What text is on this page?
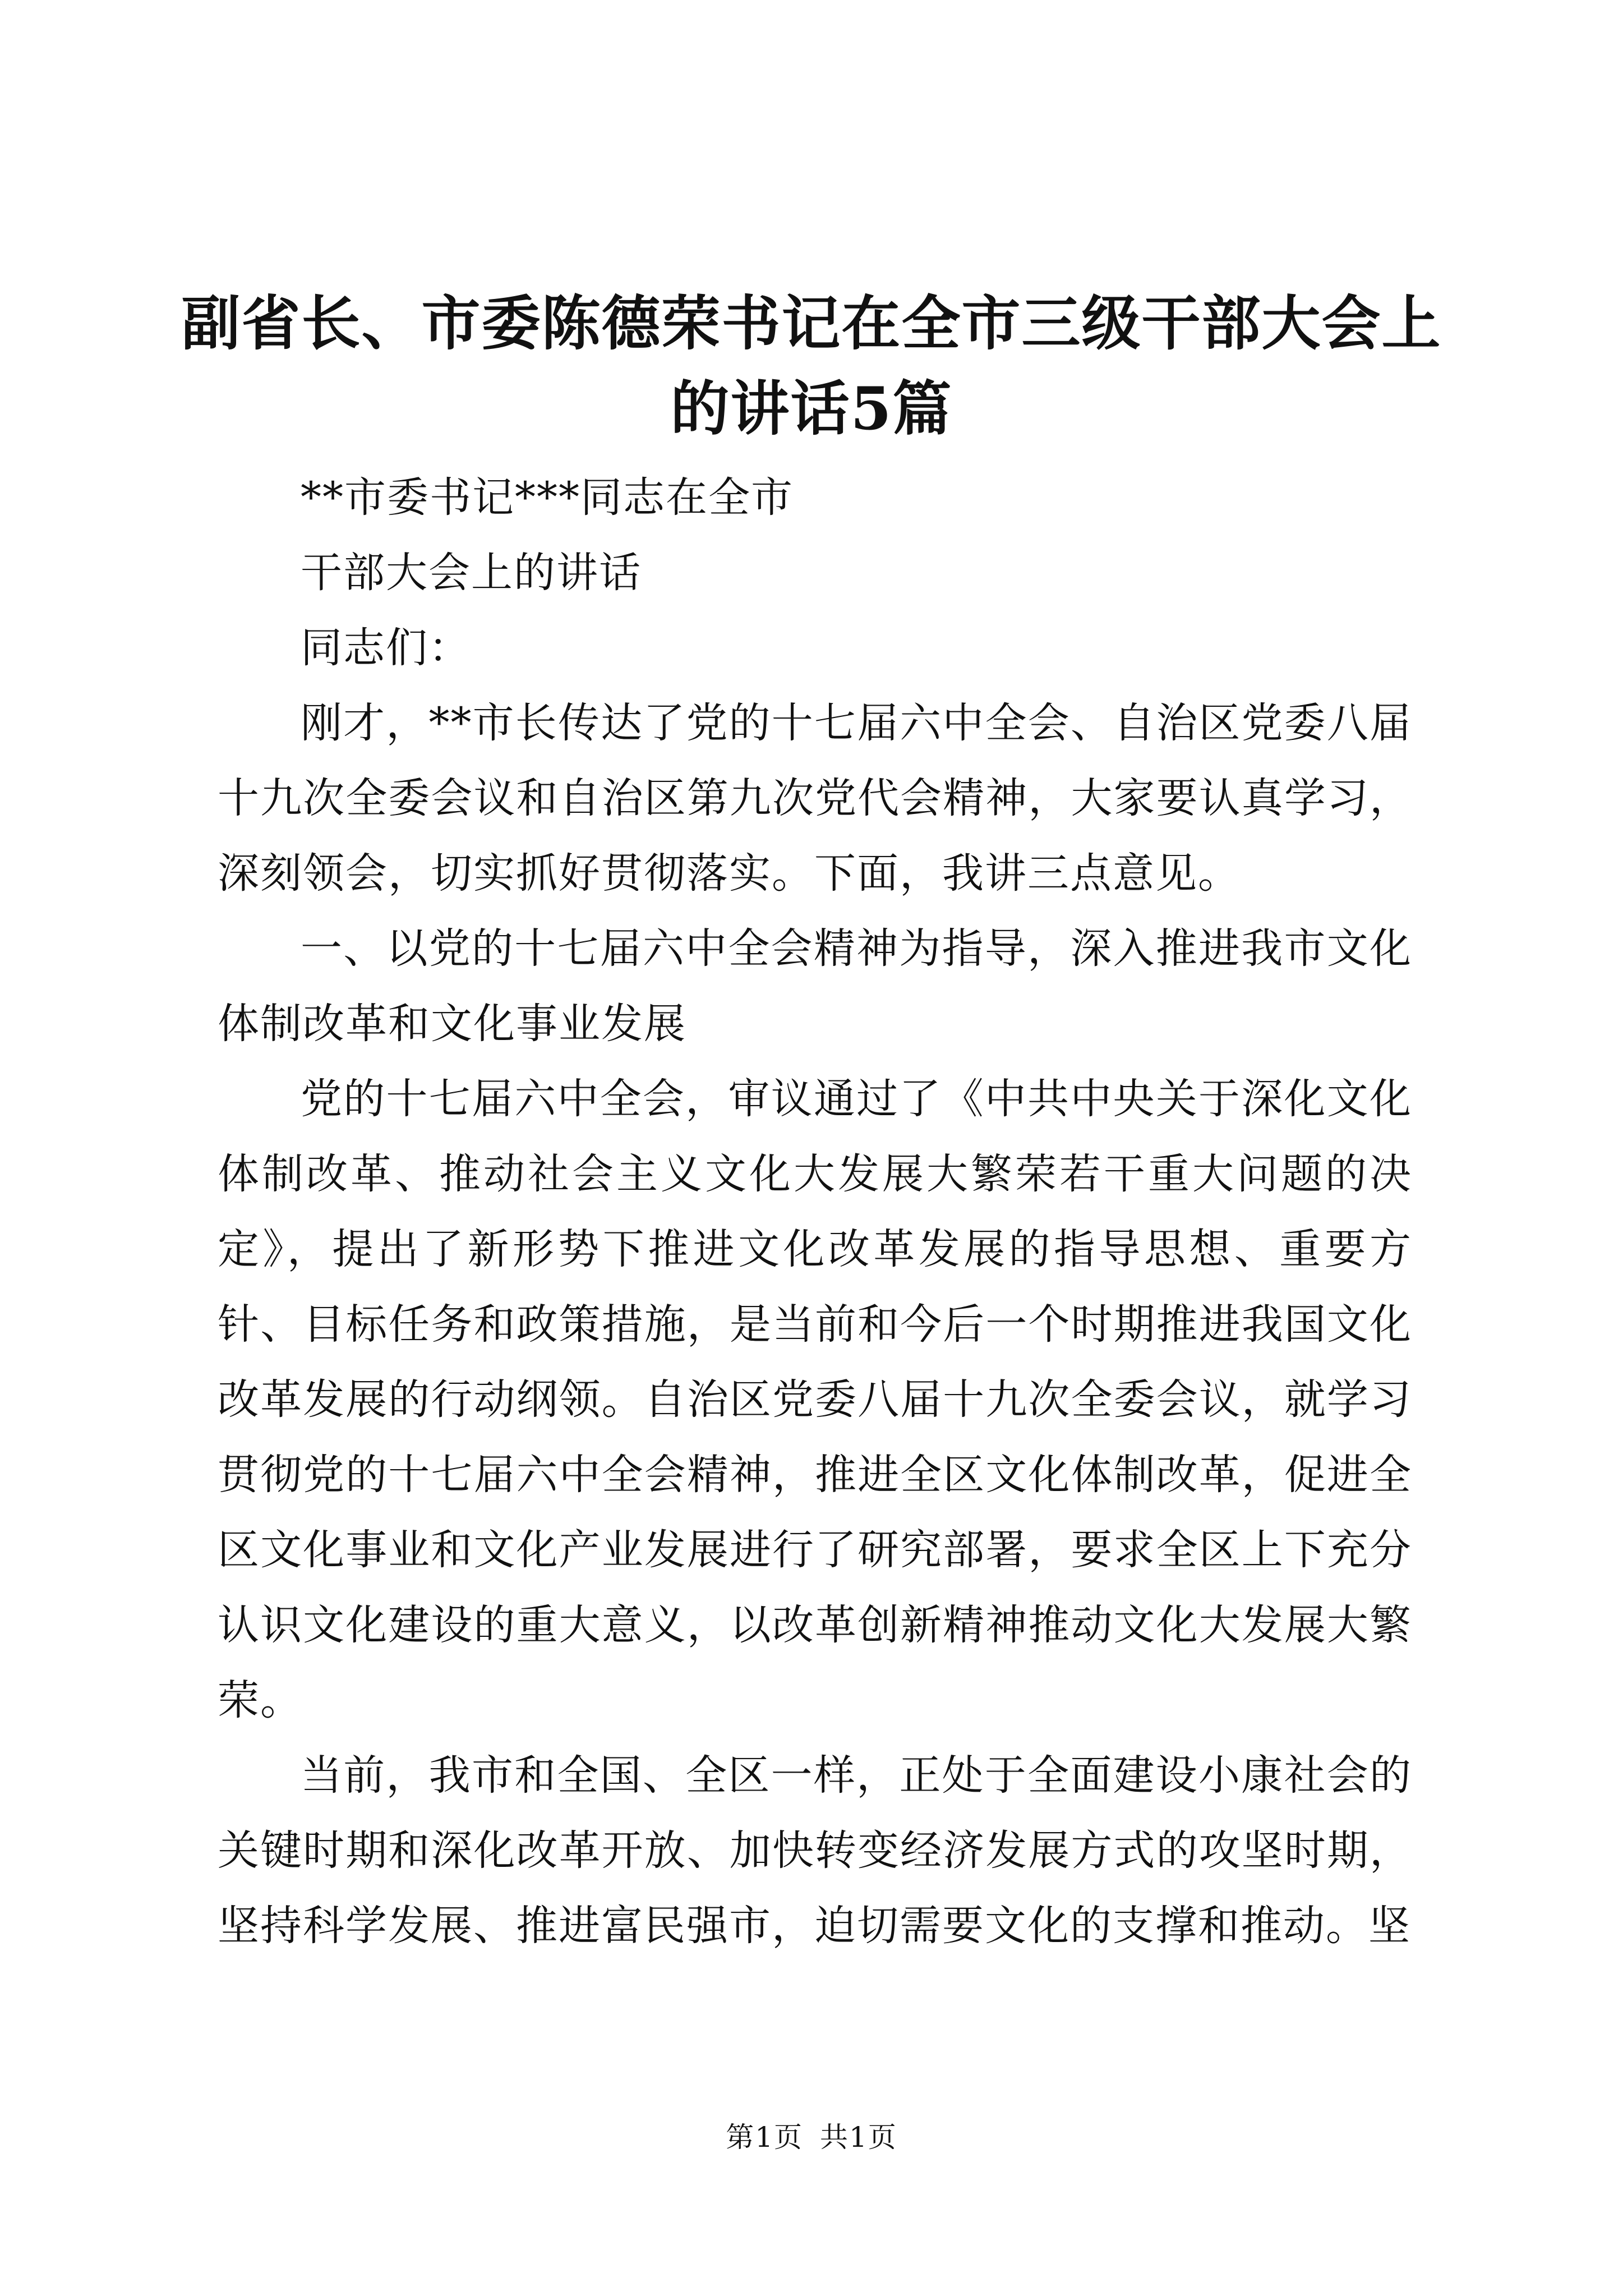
副省长、市委陈德荣书记在全市三级干部大会上的讲话5篇

**市委书记***同志在全市

干部大会上的讲话

同志们：

刚才，**市长传达了党的十七届六中全会、自治区党委八届十九次全委会议和自治区第九次党代会精神，大家要认真学习，深刻领会，切实抓好贯彻落实。下面，我讲三点意见。

一、以党的十七届六中全会精神为指导，深入推进我市文化体制改革和文化事业发展

党的十七届六中全会，审议通过了《中共中央关于深化文化体制改革、推动社会主义文化大发展大繁荣若干重大问题的决定》，提出了新形势下推进文化改革发展的指导思想、重要方针、目标任务和政策措施，是当前和今后一个时期推进我国文化改革发展的行动纲领。自治区党委八届十九次全委会议，就学习贯彻党的十七届六中全会精神，推进全区文化体制改革，促进全区文化事业和文化产业发展进行了研究部署，要求全区上下充分认识文化建设的重大意义，以改革创新精神推动文化大发展大繁荣。

当前，我市和全国、全区一样，正处于全面建设小康社会的关键时期和深化改革开放、加快转变经济发展方式的攻坚时期，坚持科学发展、推进富民强市，迫切需要文化的支撑和推动。坚

第1页 共1页
